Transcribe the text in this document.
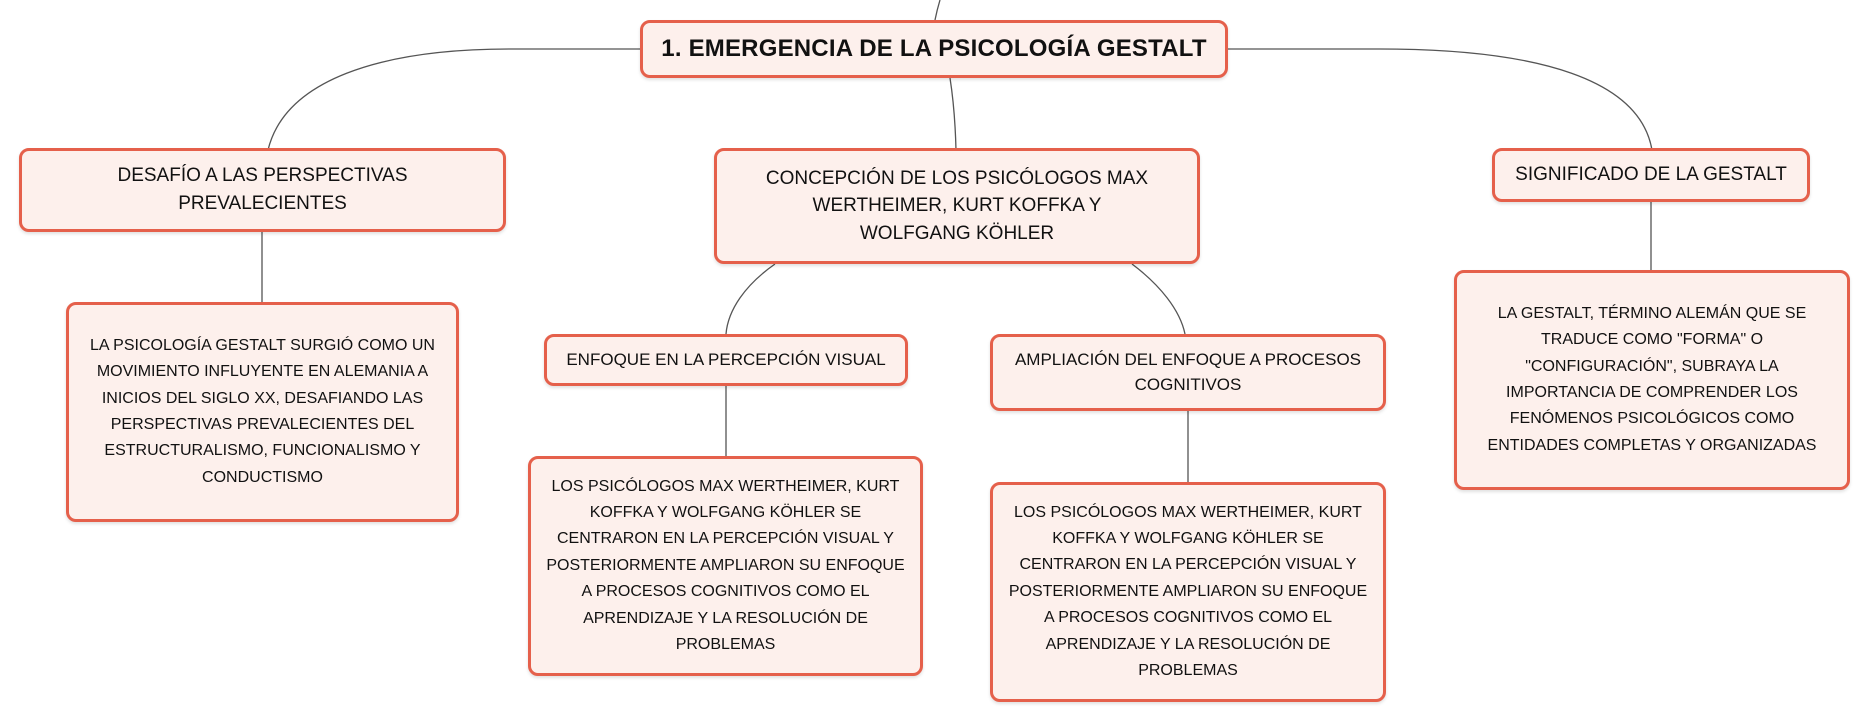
1. EMERGENCIA DE LA PSICOLOGÍA GESTALT
DESAFÍO A LAS PERSPECTIVAS PREVALECIENTES
LA PSICOLOGÍA GESTALT SURGIÓ COMO UN MOVIMIENTO INFLUYENTE EN ALEMANIA A INICIOS DEL SIGLO XX, DESAFIANDO LAS PERSPECTIVAS PREVALECIENTES DEL ESTRUCTURALISMO, FUNCIONALISMO Y CONDUCTISMO
CONCEPCIÓN DE LOS PSICÓLOGOS MAX WERTHEIMER, KURT KOFFKA Y WOLFGANG KÖHLER
ENFOQUE EN LA PERCEPCIÓN VISUAL
LOS PSICÓLOGOS MAX WERTHEIMER, KURT KOFFKA Y WOLFGANG KÖHLER SE CENTRARON EN LA PERCEPCIÓN VISUAL Y POSTERIORMENTE AMPLIARON SU ENFOQUE A PROCESOS COGNITIVOS COMO EL APRENDIZAJE Y LA RESOLUCIÓN DE PROBLEMAS
AMPLIACIÓN DEL ENFOQUE A PROCESOS COGNITIVOS
LOS PSICÓLOGOS MAX WERTHEIMER, KURT KOFFKA Y WOLFGANG KÖHLER SE CENTRARON EN LA PERCEPCIÓN VISUAL Y POSTERIORMENTE AMPLIARON SU ENFOQUE A PROCESOS COGNITIVOS COMO EL APRENDIZAJE Y LA RESOLUCIÓN DE PROBLEMAS
SIGNIFICADO DE LA GESTALT
LA GESTALT, TÉRMINO ALEMÁN QUE SE TRADUCE COMO "FORMA" O "CONFIGURACIÓN", SUBRAYA LA IMPORTANCIA DE COMPRENDER LOS FENÓMENOS PSICOLÓGICOS COMO ENTIDADES COMPLETAS Y ORGANIZADAS
